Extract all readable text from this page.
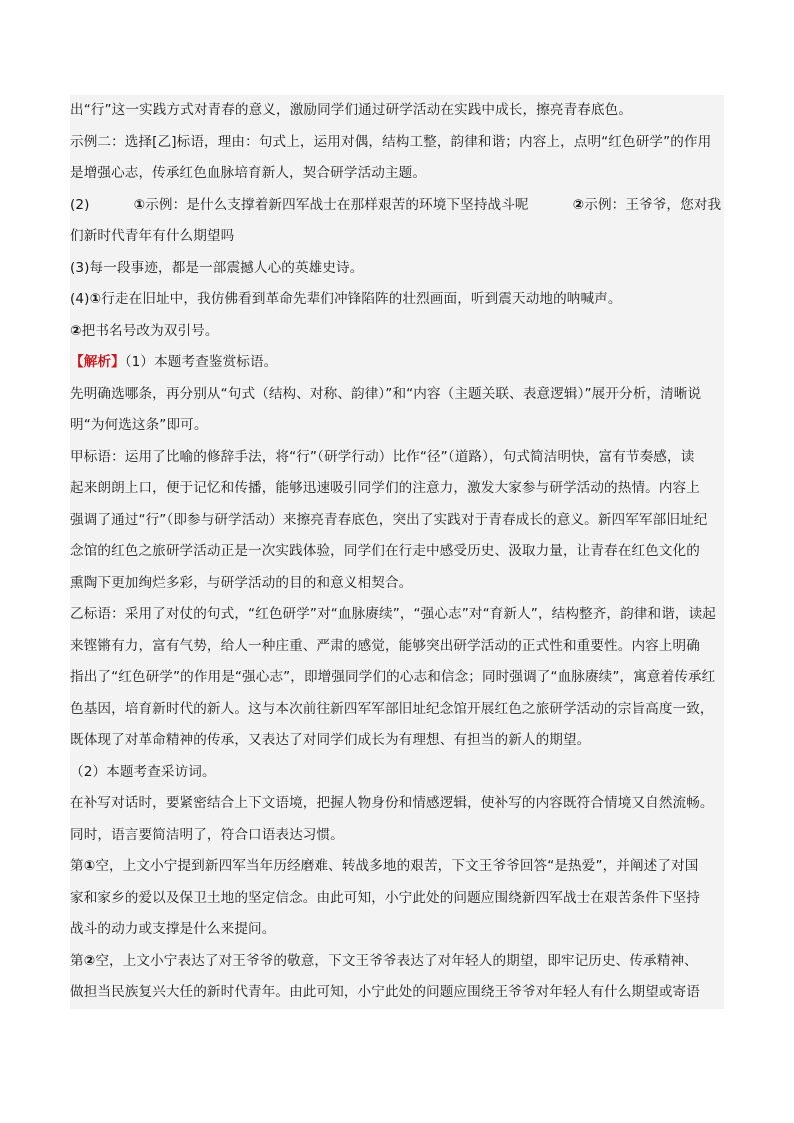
出“行”这一实践方式对青春的意义，激励同学们通过研学活动在实践中成长，擦亮青春底色。
示例二：选择[乙]标语，理由：句式上，运用对偶，结构工整，韵律和谐；内容上，点明“红色研学”的作用
是增强心志，传承红色血脉培育新人，契合研学活动主题。
(2)	①示例：是什么支撑着新四军战士在那样艰苦的环境下坚持战斗呢	②示例：王爷爷，您对我
们新时代青年有什么期望吗
(3)每一段事迹，都是一部震撼人心的英雄史诗。
(4)①行走在旧址中，我仿佛看到革命先辈们冲锋陷阵的壮烈画面，听到震天动地的呐喊声。
②把书名号改为双引号。
【解析】（1）本题考查鉴赏标语。
先明确选哪条，再分别从“句式（结构、对称、韵律）”和“内容（主题关联、表意逻辑）”展开分析，清晰说
明“为何选这条”即可。
甲标语：运用了比喻的修辞手法，将“行”（研学行动）比作“径”（道路），句式简洁明快，富有节奏感，读
起来朗朗上口，便于记忆和传播，能够迅速吸引同学们的注意力，激发大家参与研学活动的热情。内容上
强调了通过“行”（即参与研学活动）来擦亮青春底色，突出了实践对于青春成长的意义。新四军军部旧址纪
念馆的红色之旅研学活动正是一次实践体验，同学们在行走中感受历史、汲取力量，让青春在红色文化的
熏陶下更加绚烂多彩，与研学活动的目的和意义相契合。
乙标语：采用了对仗的句式，“红色研学”对“血脉赓续”，“强心志”对“育新人”，结构整齐，韵律和谐，读起
来铿锵有力，富有气势，给人一种庄重、严肃的感觉，能够突出研学活动的正式性和重要性。内容上明确
指出了“红色研学”的作用是“强心志”，即增强同学们的心志和信念；同时强调了“血脉赓续”，寓意着传承红
色基因，培育新时代的新人。这与本次前往新四军军部旧址纪念馆开展红色之旅研学活动的宗旨高度一致，
既体现了对革命精神的传承，又表达了对同学们成长为有理想、有担当的新人的期望。
（2）本题考查采访词。
在补写对话时，要紧密结合上下文语境，把握人物身份和情感逻辑，使补写的内容既符合情境又自然流畅。
同时，语言要简洁明了，符合口语表达习惯。
第①空，上文小宁提到新四军当年历经磨难、转战多地的艰苦，下文王爷爷回答“是热爱”，并阐述了对国
家和家乡的爱以及保卫土地的坚定信念。由此可知，小宁此处的问题应围绕新四军战士在艰苦条件下坚持
战斗的动力或支撑是什么来提问。
第②空，上文小宁表达了对王爷爷的敬意，下文王爷爷表达了对年轻人的期望，即牢记历史、传承精神、
做担当民族复兴大任的新时代青年。由此可知，小宁此处的问题应围绕王爷爷对年轻人有什么期望或寄语
